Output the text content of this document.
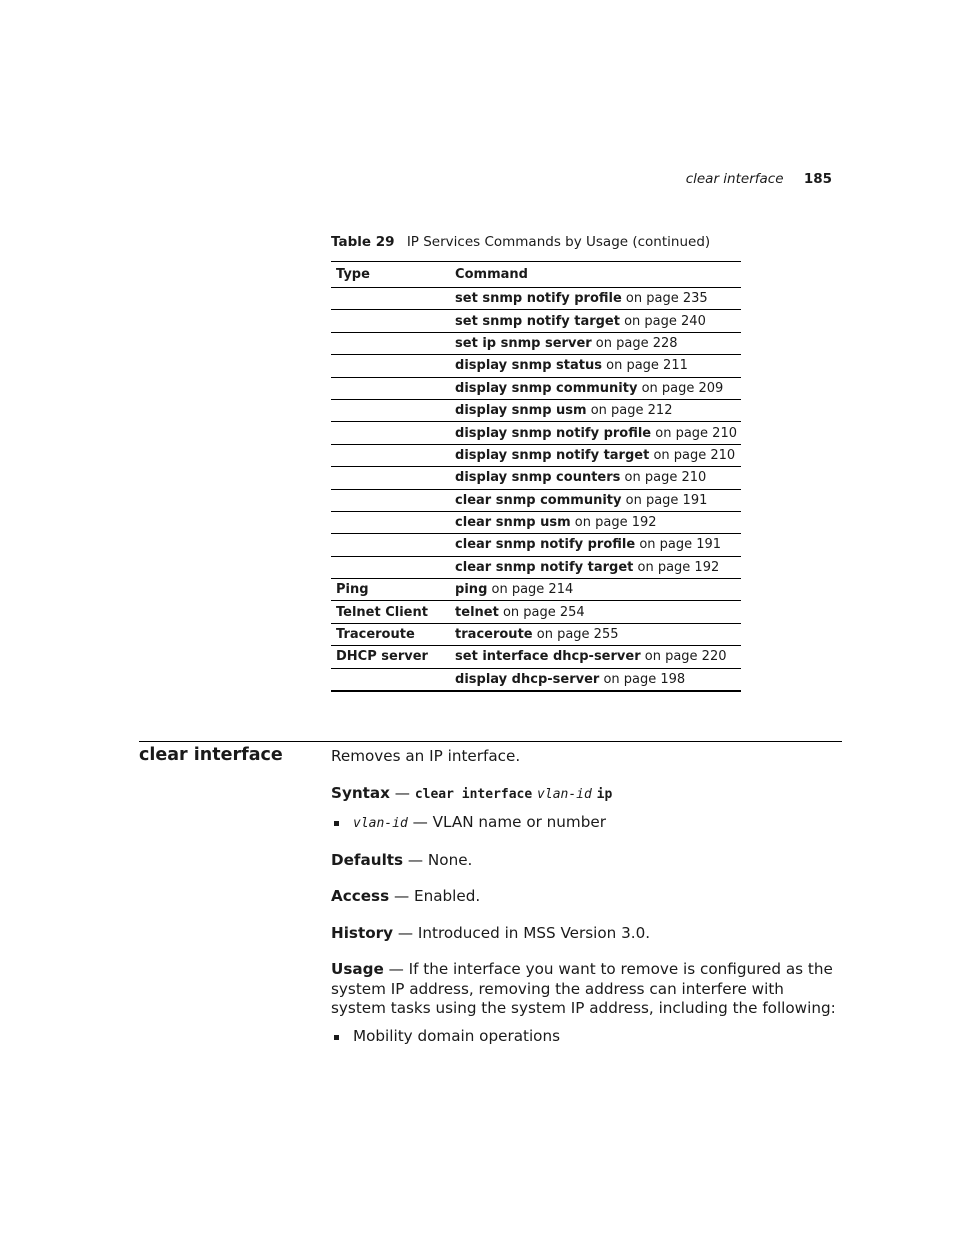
clear interface 185
Table 29 IP Services Commands by Usage (continued)
Type	Command
	set snmp notify profile on page 235
	set snmp notify target on page 240
	set ip snmp server on page 228
	display snmp status on page 211
	display snmp community on page 209
	display snmp usm on page 212
	display snmp notify profile on page 210
	display snmp notify target on page 210
	display snmp counters on page 210
	clear snmp community on page 191
	clear snmp usm on page 192
	clear snmp notify profile on page 191
	clear snmp notify target on page 192
Ping	ping on page 214
Telnet Client	telnet on page 254
Traceroute	traceroute on page 255
DHCP server	set interface dhcp-server on page 220
	display dhcp-server on page 198
clear interface	Removes an IP interface.

Syntax — clear interface vlan-id ip

vlan-id — VLAN name or number

Defaults — None.

Access — Enabled.

History — Introduced in MSS Version 3.0.

Usage — If the interface you want to remove is configured as the system IP address, removing the address can interfere with system tasks using the system IP address, including the following:

Mobility domain operations
